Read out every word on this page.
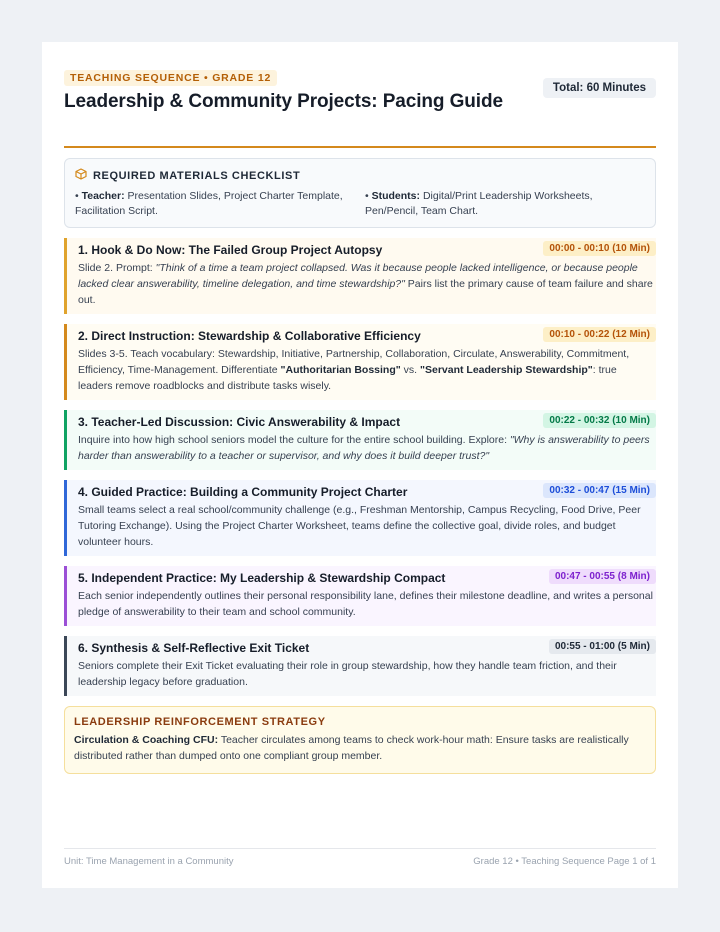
TEACHING SEQUENCE • GRADE 12
Leadership & Community Projects: Pacing Guide
Total: 60 Minutes
REQUIRED MATERIALS CHECKLIST
• Teacher: Presentation Slides, Project Charter Template, Facilitation Script.
• Students: Digital/Print Leadership Worksheets, Pen/Pencil, Team Chart.
1. Hook & Do Now: The Failed Group Project Autopsy	00:00 - 00:10 (10 Min)
Slide 2. Prompt: "Think of a time a team project collapsed. Was it because people lacked intelligence, or because people lacked clear answerability, timeline delegation, and time stewardship?" Pairs list the primary cause of team failure and share out.
2. Direct Instruction: Stewardship & Collaborative Efficiency	00:10 - 00:22 (12 Min)
Slides 3-5. Teach vocabulary: Stewardship, Initiative, Partnership, Collaboration, Circulate, Answerability, Commitment, Efficiency, Time-Management. Differentiate "Authoritarian Bossing" vs. "Servant Leadership Stewardship": true leaders remove roadblocks and distribute tasks wisely.
3. Teacher-Led Discussion: Civic Answerability & Impact	00:22 - 00:32 (10 Min)
Inquire into how high school seniors model the culture for the entire school building. Explore: "Why is answerability to peers harder than answerability to a teacher or supervisor, and why does it build deeper trust?"
4. Guided Practice: Building a Community Project Charter	00:32 - 00:47 (15 Min)
Small teams select a real school/community challenge (e.g., Freshman Mentorship, Campus Recycling, Food Drive, Peer Tutoring Exchange). Using the Project Charter Worksheet, teams define the collective goal, divide roles, and budget volunteer hours.
5. Independent Practice: My Leadership & Stewardship Compact	00:47 - 00:55 (8 Min)
Each senior independently outlines their personal responsibility lane, defines their milestone deadline, and writes a personal pledge of answerability to their team and school community.
6. Synthesis & Self-Reflective Exit Ticket	00:55 - 01:00 (5 Min)
Seniors complete their Exit Ticket evaluating their role in group stewardship, how they handle team friction, and their leadership legacy before graduation.
LEADERSHIP REINFORCEMENT STRATEGY
Circulation & Coaching CFU: Teacher circulates among teams to check work-hour math: Ensure tasks are realistically distributed rather than dumped onto one compliant group member.
Unit: Time Management in a Community	Grade 12 • Teaching Sequence Page 1 of 1
